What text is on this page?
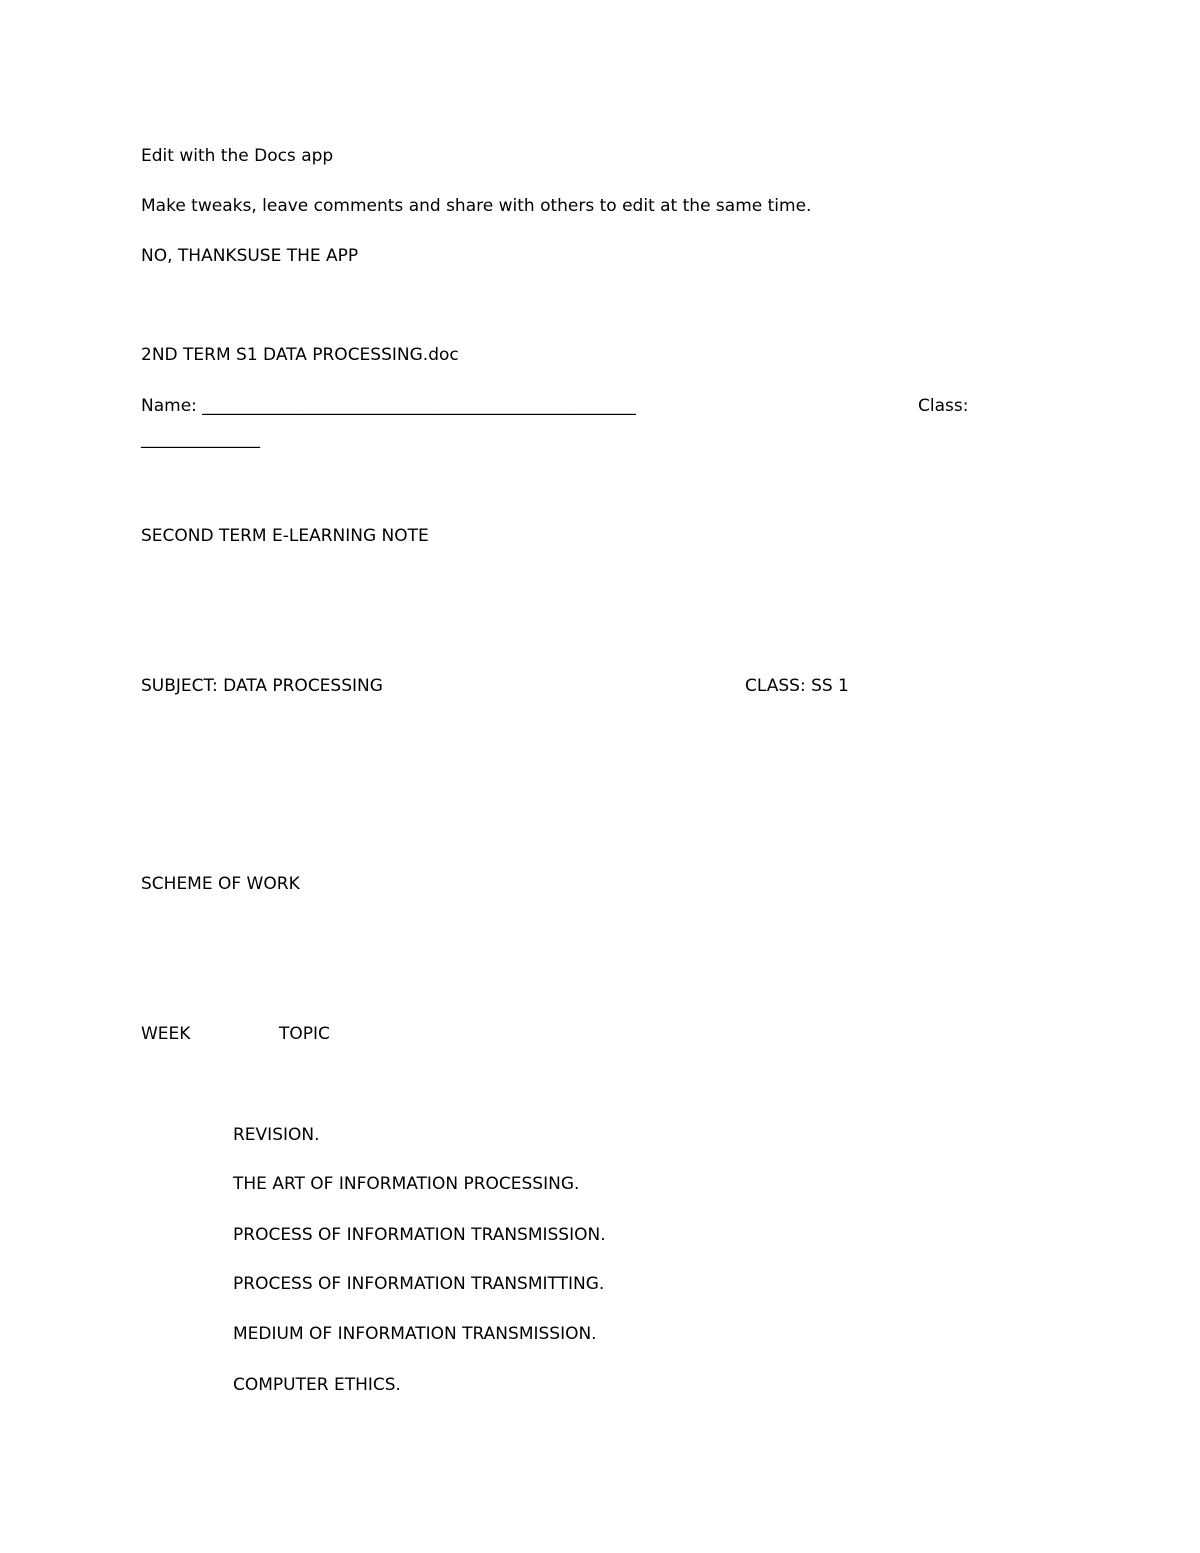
Edit with the Docs app
Make tweaks, leave comments and share with others to edit at the same time.
NO, THANKSUSE THE APP
2ND TERM S1 DATA PROCESSING.doc
Name: ___________________________________________________	Class:
______________
SECOND TERM E-LEARNING NOTE
SUBJECT: DATA PROCESSING	CLASS: SS 1
SCHEME OF WORK
WEEK	TOPIC
REVISION.
THE ART OF INFORMATION PROCESSING.
PROCESS OF INFORMATION TRANSMISSION.
PROCESS OF INFORMATION TRANSMITTING.
MEDIUM OF INFORMATION TRANSMISSION.
COMPUTER ETHICS.
